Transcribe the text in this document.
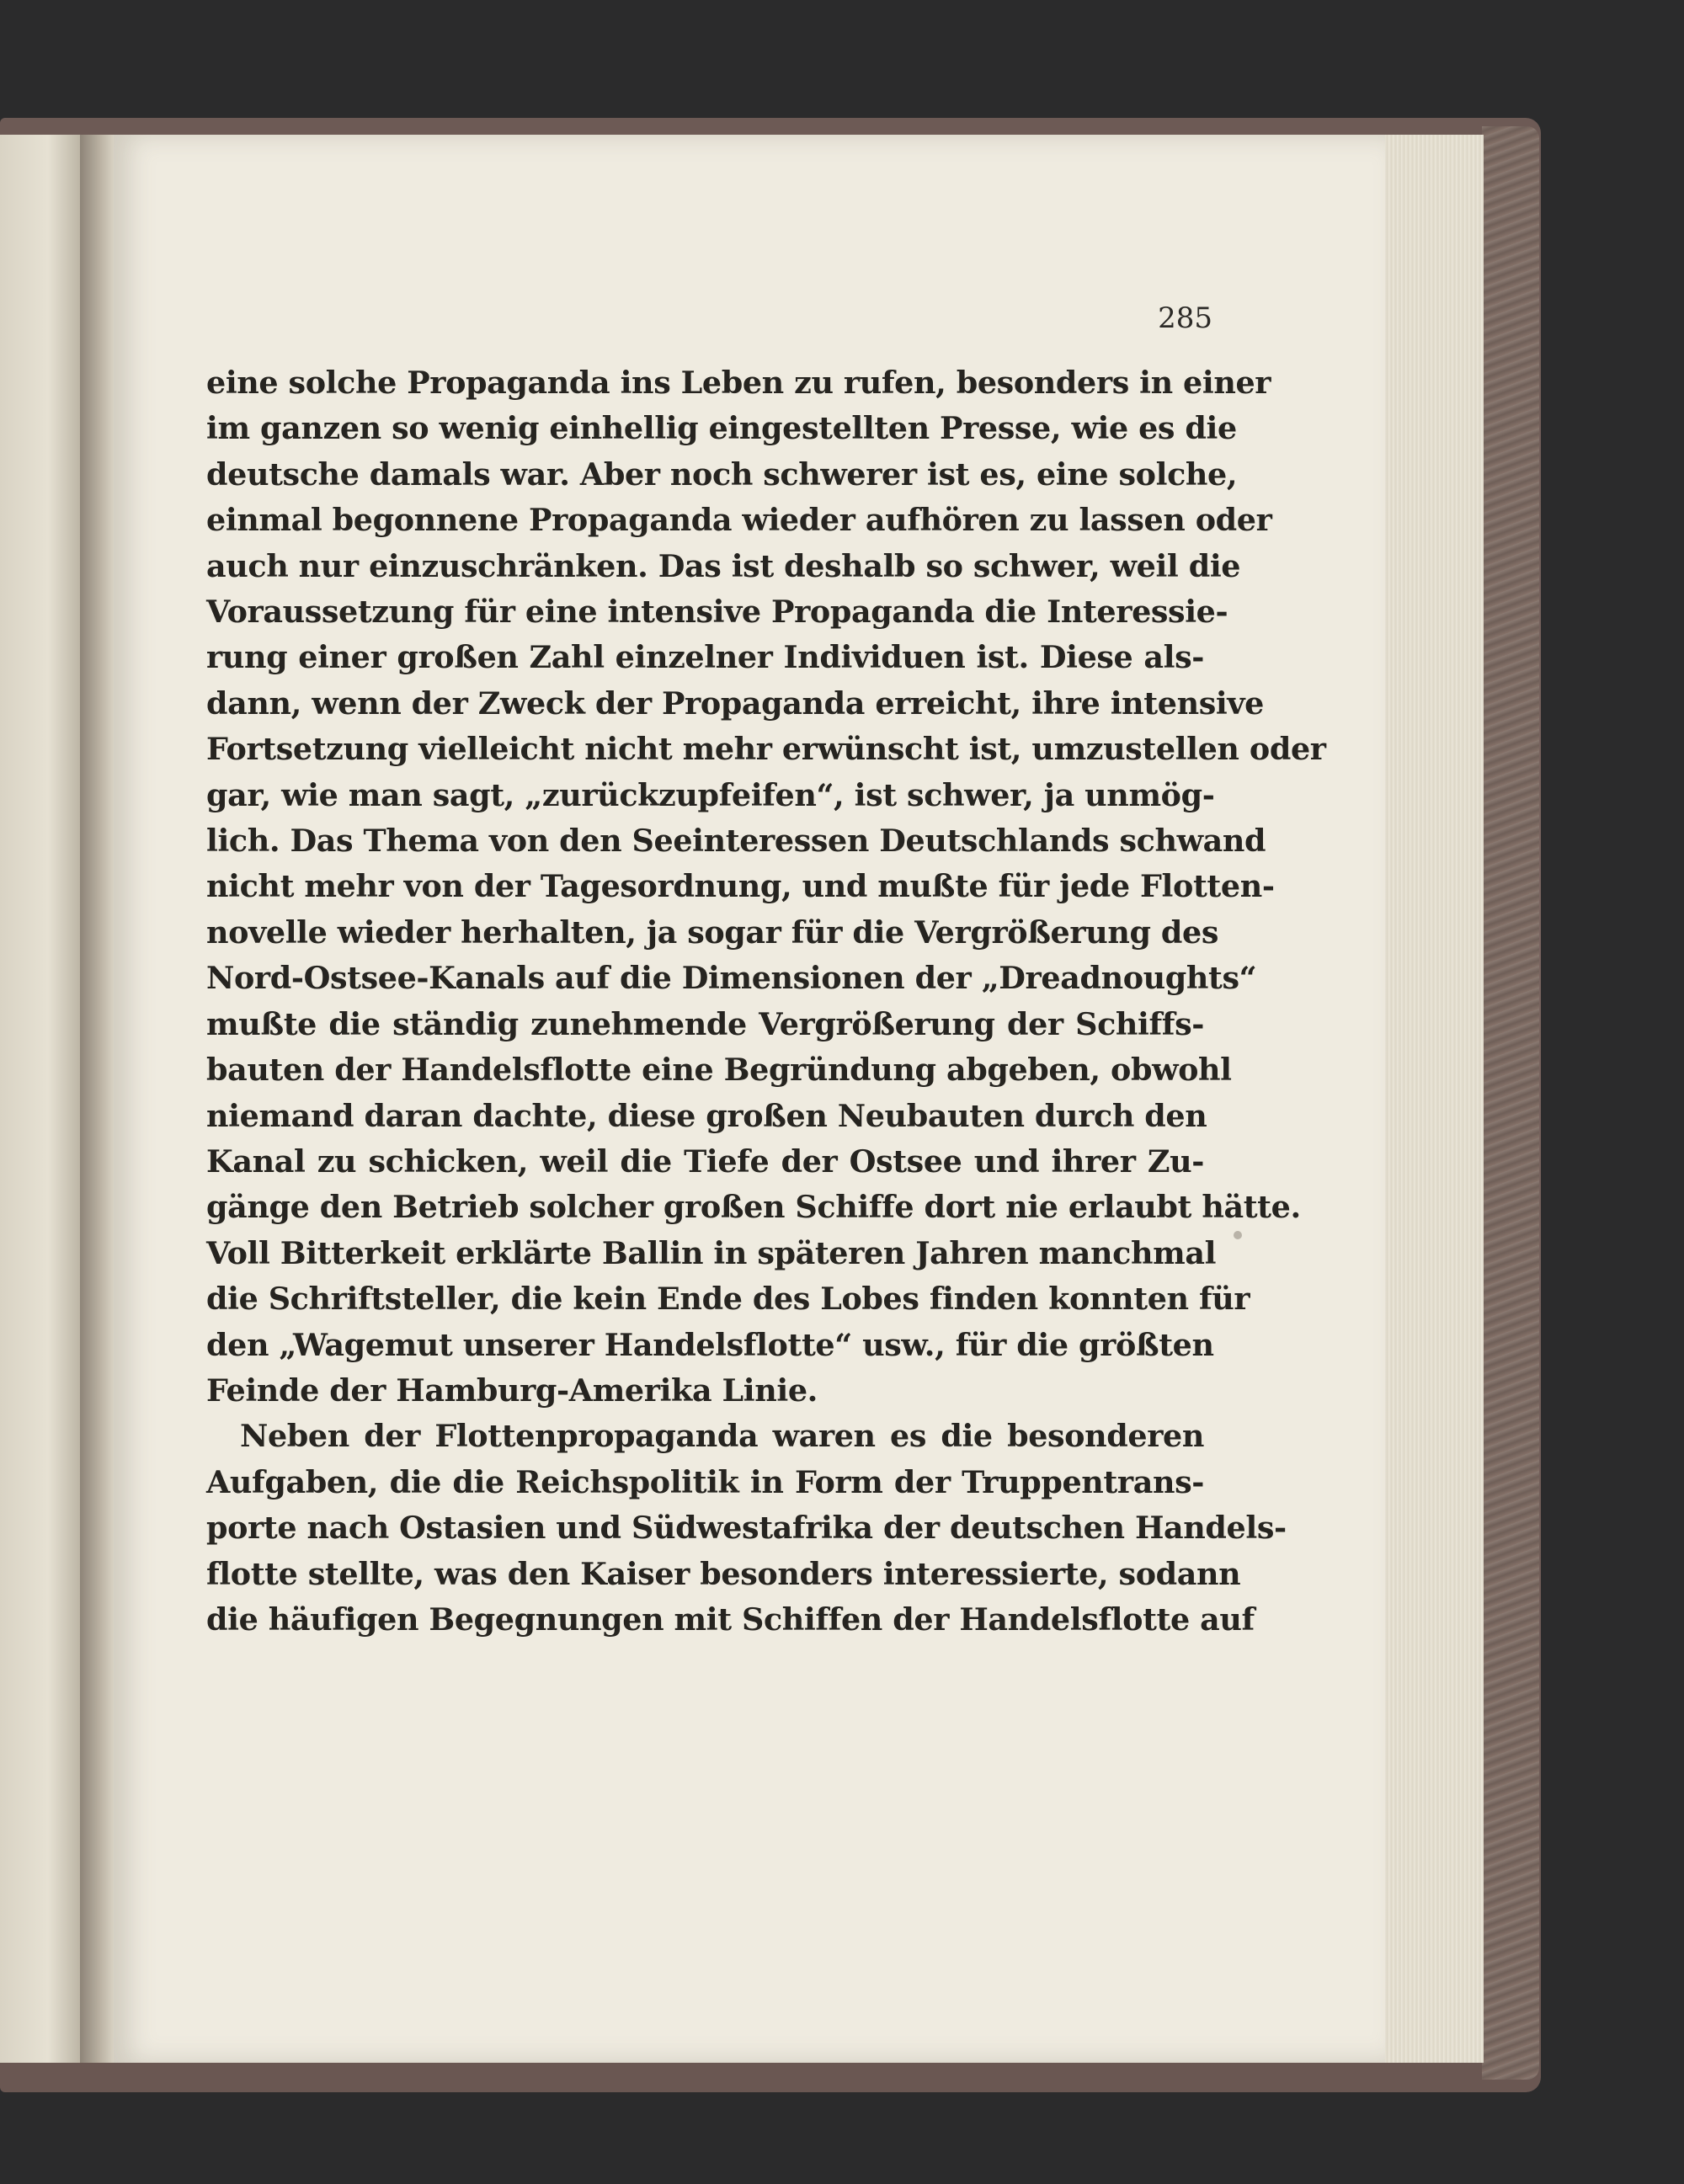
285
eine solche Propaganda ins Leben zu rufen, besonders in einer
im ganzen so wenig einhellig eingestellten Presse, wie es die
deutsche damals war. Aber noch schwerer ist es, eine solche,
einmal begonnene Propaganda wieder aufhören zu lassen oder
auch nur einzuschränken. Das ist deshalb so schwer, weil die
Voraussetzung für eine intensive Propaganda die Interessie-
rung einer großen Zahl einzelner Individuen ist. Diese als-
dann, wenn der Zweck der Propaganda erreicht, ihre intensive
Fortsetzung vielleicht nicht mehr erwünscht ist, umzustellen oder
gar, wie man sagt, „zurückzupfeifen“, ist schwer, ja unmög-
lich. Das Thema von den Seeinteressen Deutschlands schwand
nicht mehr von der Tagesordnung, und mußte für jede Flotten-
novelle wieder herhalten, ja sogar für die Vergrößerung des
Nord-Ostsee-Kanals auf die Dimensionen der „Dreadnoughts“
mußte die ständig zunehmende Vergrößerung der Schiffs-
bauten der Handelsflotte eine Begründung abgeben, obwohl
niemand daran dachte, diese großen Neubauten durch den
Kanal zu schicken, weil die Tiefe der Ostsee und ihrer Zu-
gänge den Betrieb solcher großen Schiffe dort nie erlaubt hätte.
Voll Bitterkeit erklärte Ballin in späteren Jahren manchmal
die Schriftsteller, die kein Ende des Lobes finden konnten für
den „Wagemut unserer Handelsflotte“ usw., für die größten
Feinde der Hamburg-Amerika Linie.
Neben der Flottenpropaganda waren es die besonderen
Aufgaben, die die Reichspolitik in Form der Truppentrans-
porte nach Ostasien und Südwestafrika der deutschen Handels-
flotte stellte, was den Kaiser besonders interessierte, sodann
die häufigen Begegnungen mit Schiffen der Handelsflotte auf
